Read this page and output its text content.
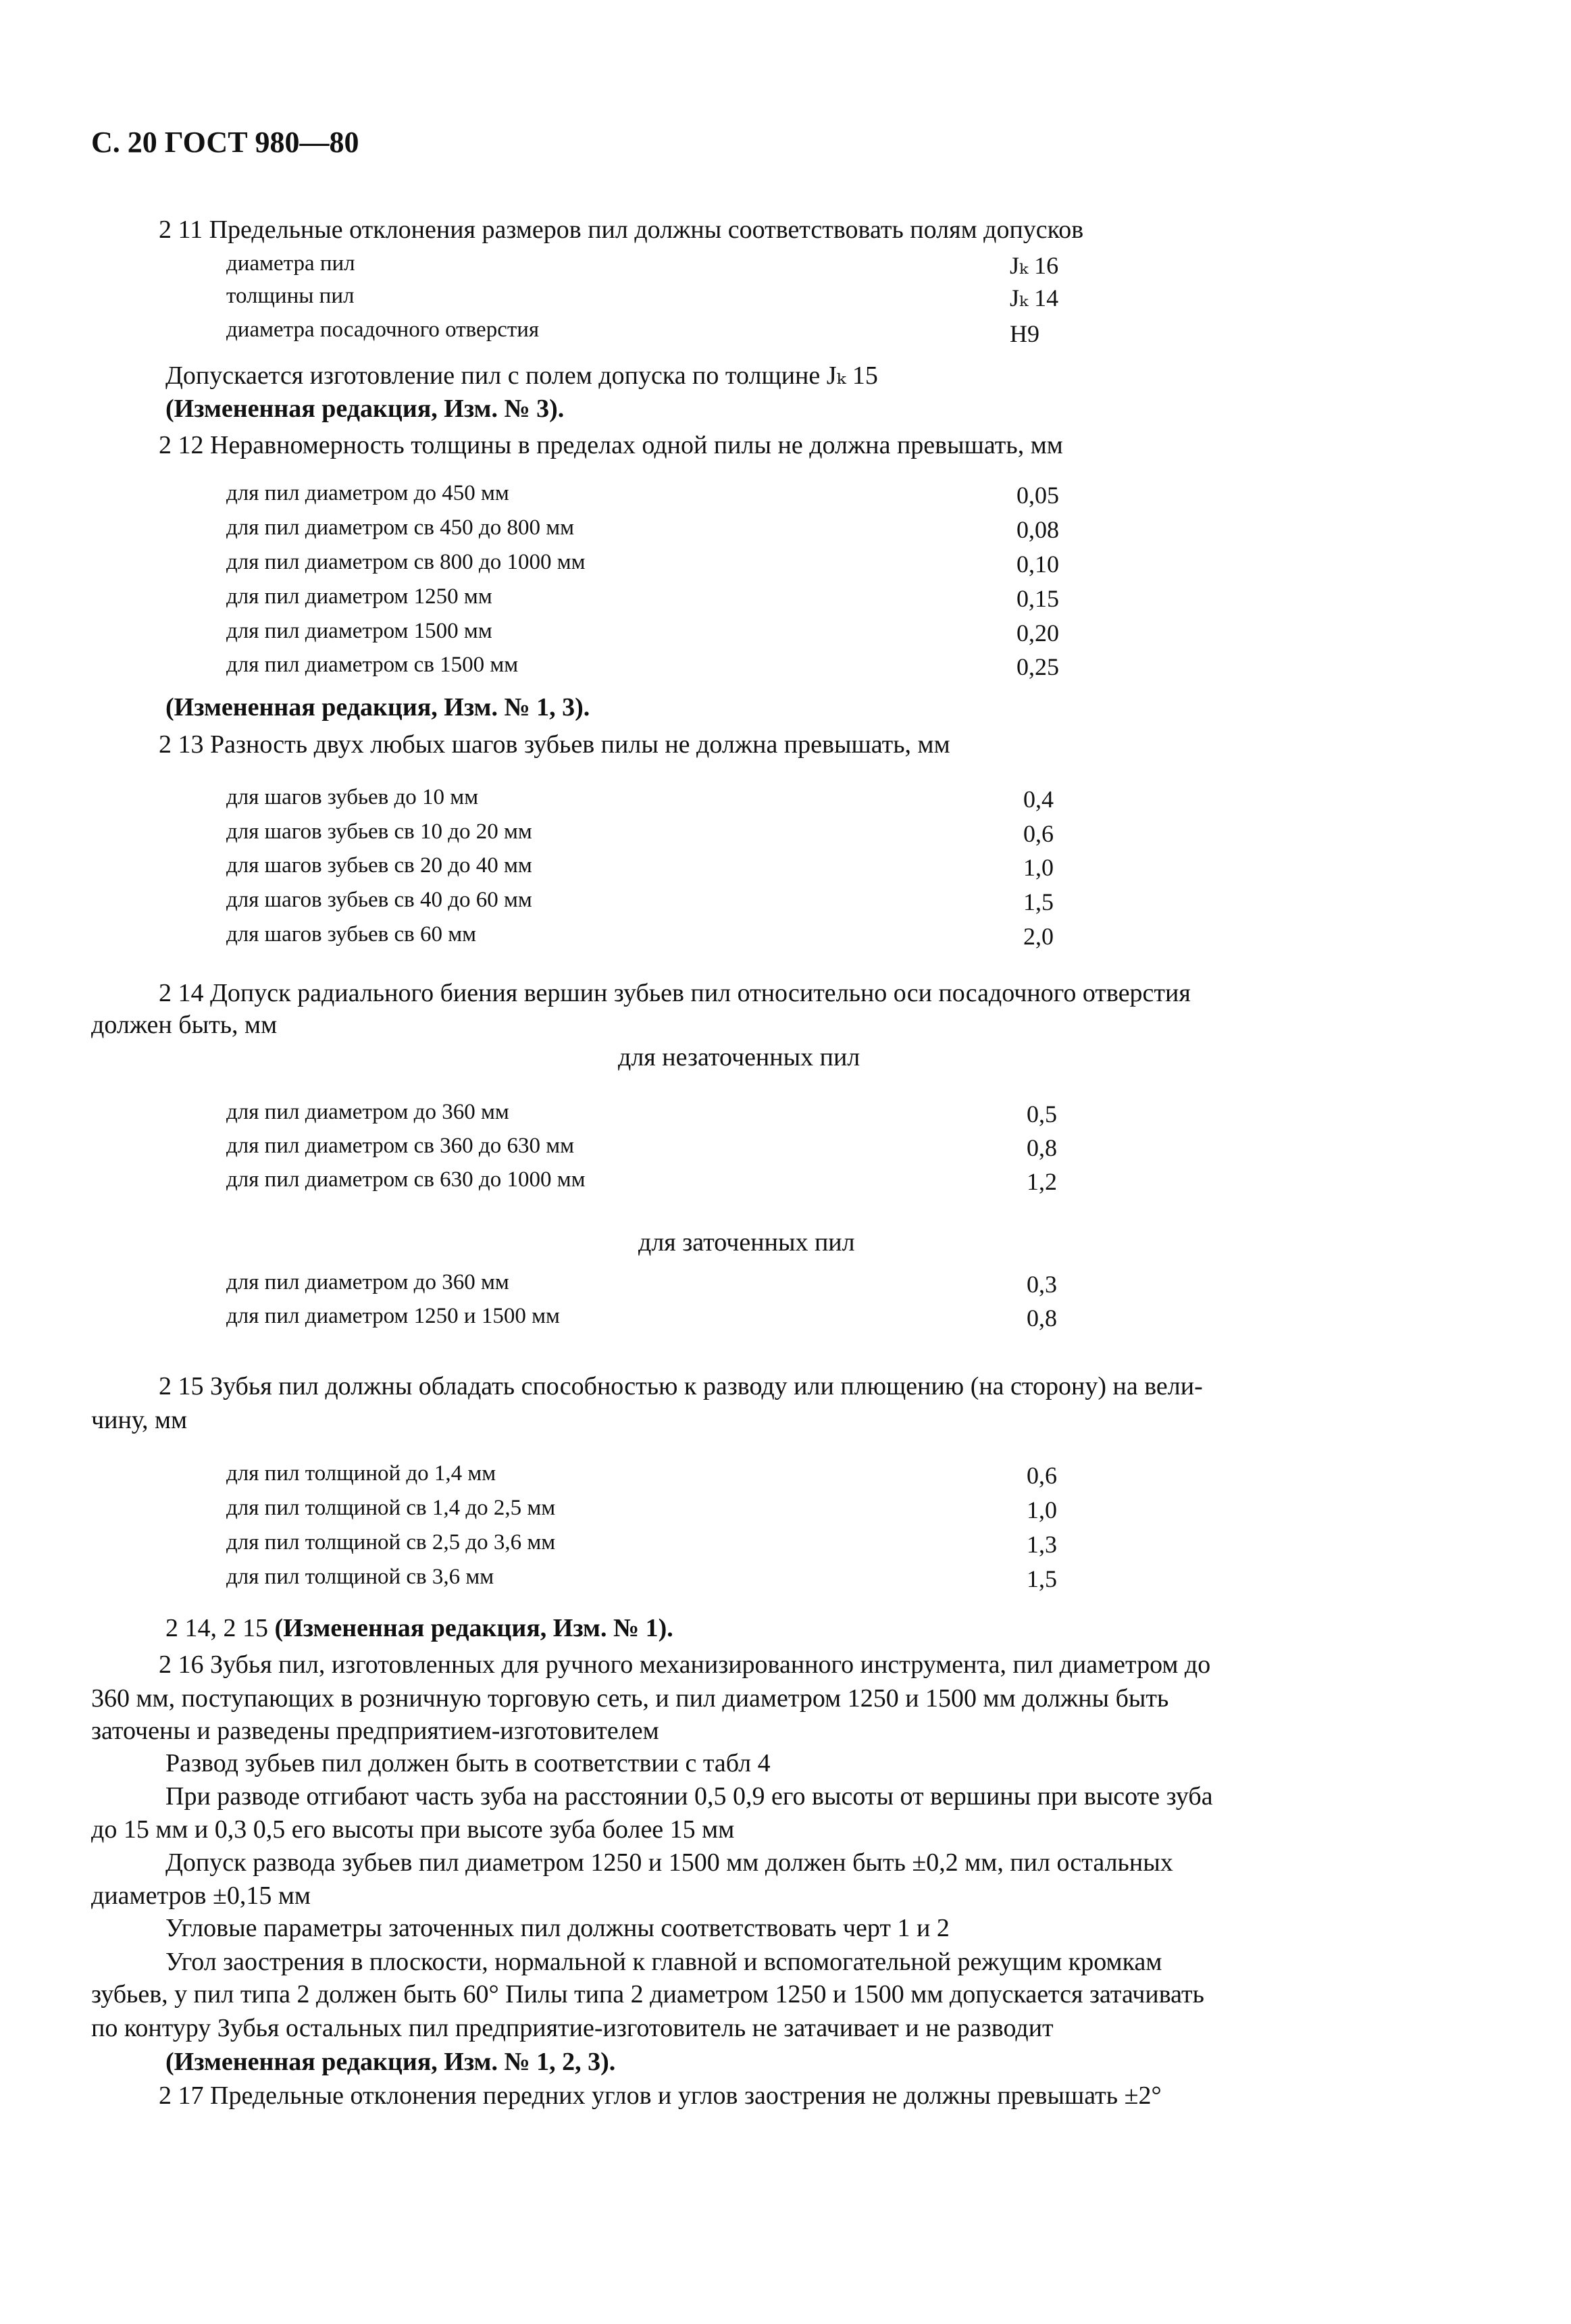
С. 20 ГОСТ 980—80
2 11 Предельные отклонения размеров пил должны соответствовать полям допусков
диаметра пил	Jₖ 16
толщины пил	Jₖ 14
диаметра посадочного отверстия	H9
Допускается изготовление пил с полем допуска по толщине Jₖ 15
(Измененная редакция, Изм. № 3).
2 12 Неравномерность толщины в пределах одной пилы не должна превышать, мм
для пил диаметром до 450 мм	0,05
для пил диаметром св 450 до 800 мм	0,08
для пил диаметром св 800 до 1000 мм	0,10
для пил диаметром 1250 мм	0,15
для пил диаметром 1500 мм	0,20
для пил диаметром св 1500 мм	0,25
(Измененная редакция, Изм. № 1, 3).
2 13 Разность двух любых шагов зубьев пилы не должна превышать, мм
для шагов зубьев до 10 мм	0,4
для шагов зубьев св 10 до 20 мм	0,6
для шагов зубьев св 20 до 40 мм	1,0
для шагов зубьев св 40 до 60 мм	1,5
для шагов зубьев св 60 мм	2,0
2 14 Допуск радиального биения вершин зубьев пил относительно оси посадочного отверстия
должен быть, мм
для незаточенных пил
для пил диаметром до 360 мм	0,5
для пил диаметром св 360 до 630 мм	0,8
для пил диаметром св 630 до 1000 мм	1,2
для заточенных пил
для пил диаметром до 360 мм	0,3
для пил диаметром 1250 и 1500 мм	0,8
2 15 Зубья пил должны обладать способностью к разводу или плющению (на сторону) на вели-
чину, мм
для пил толщиной до 1,4 мм	0,6
для пил толщиной св 1,4 до 2,5 мм	1,0
для пил толщиной св 2,5 до 3,6 мм	1,3
для пил толщиной св 3,6 мм	1,5
2 14, 2 15 (Измененная редакция, Изм. № 1).
2 16 Зубья пил, изготовленных для ручного механизированного инструмента, пил диаметром до
360 мм, поступающих в розничную торговую сеть, и пил диаметром 1250 и 1500 мм должны быть
заточены и разведены предприятием-изготовителем
Развод зубьев пил должен быть в соответствии с табл 4
При разводе отгибают часть зуба на расстоянии 0,5 0,9 его высоты от вершины при высоте зуба
до 15 мм и 0,3 0,5 его высоты при высоте зуба более 15 мм
Допуск развода зубьев пил диаметром 1250 и 1500 мм должен быть ±0,2 мм, пил остальных
диаметров ±0,15 мм
Угловые параметры заточенных пил должны соответствовать черт 1 и 2
Угол заострения в плоскости, нормальной к главной и вспомогательной режущим кромкам
зубьев, у пил типа 2 должен быть 60° Пилы типа 2 диаметром 1250 и 1500 мм допускается затачивать
по контуру Зубья остальных пил предприятие-изготовитель не затачивает и не разводит
(Измененная редакция, Изм. № 1, 2, 3).
2 17 Предельные отклонения передних углов и углов заострения не должны превышать ±2°
